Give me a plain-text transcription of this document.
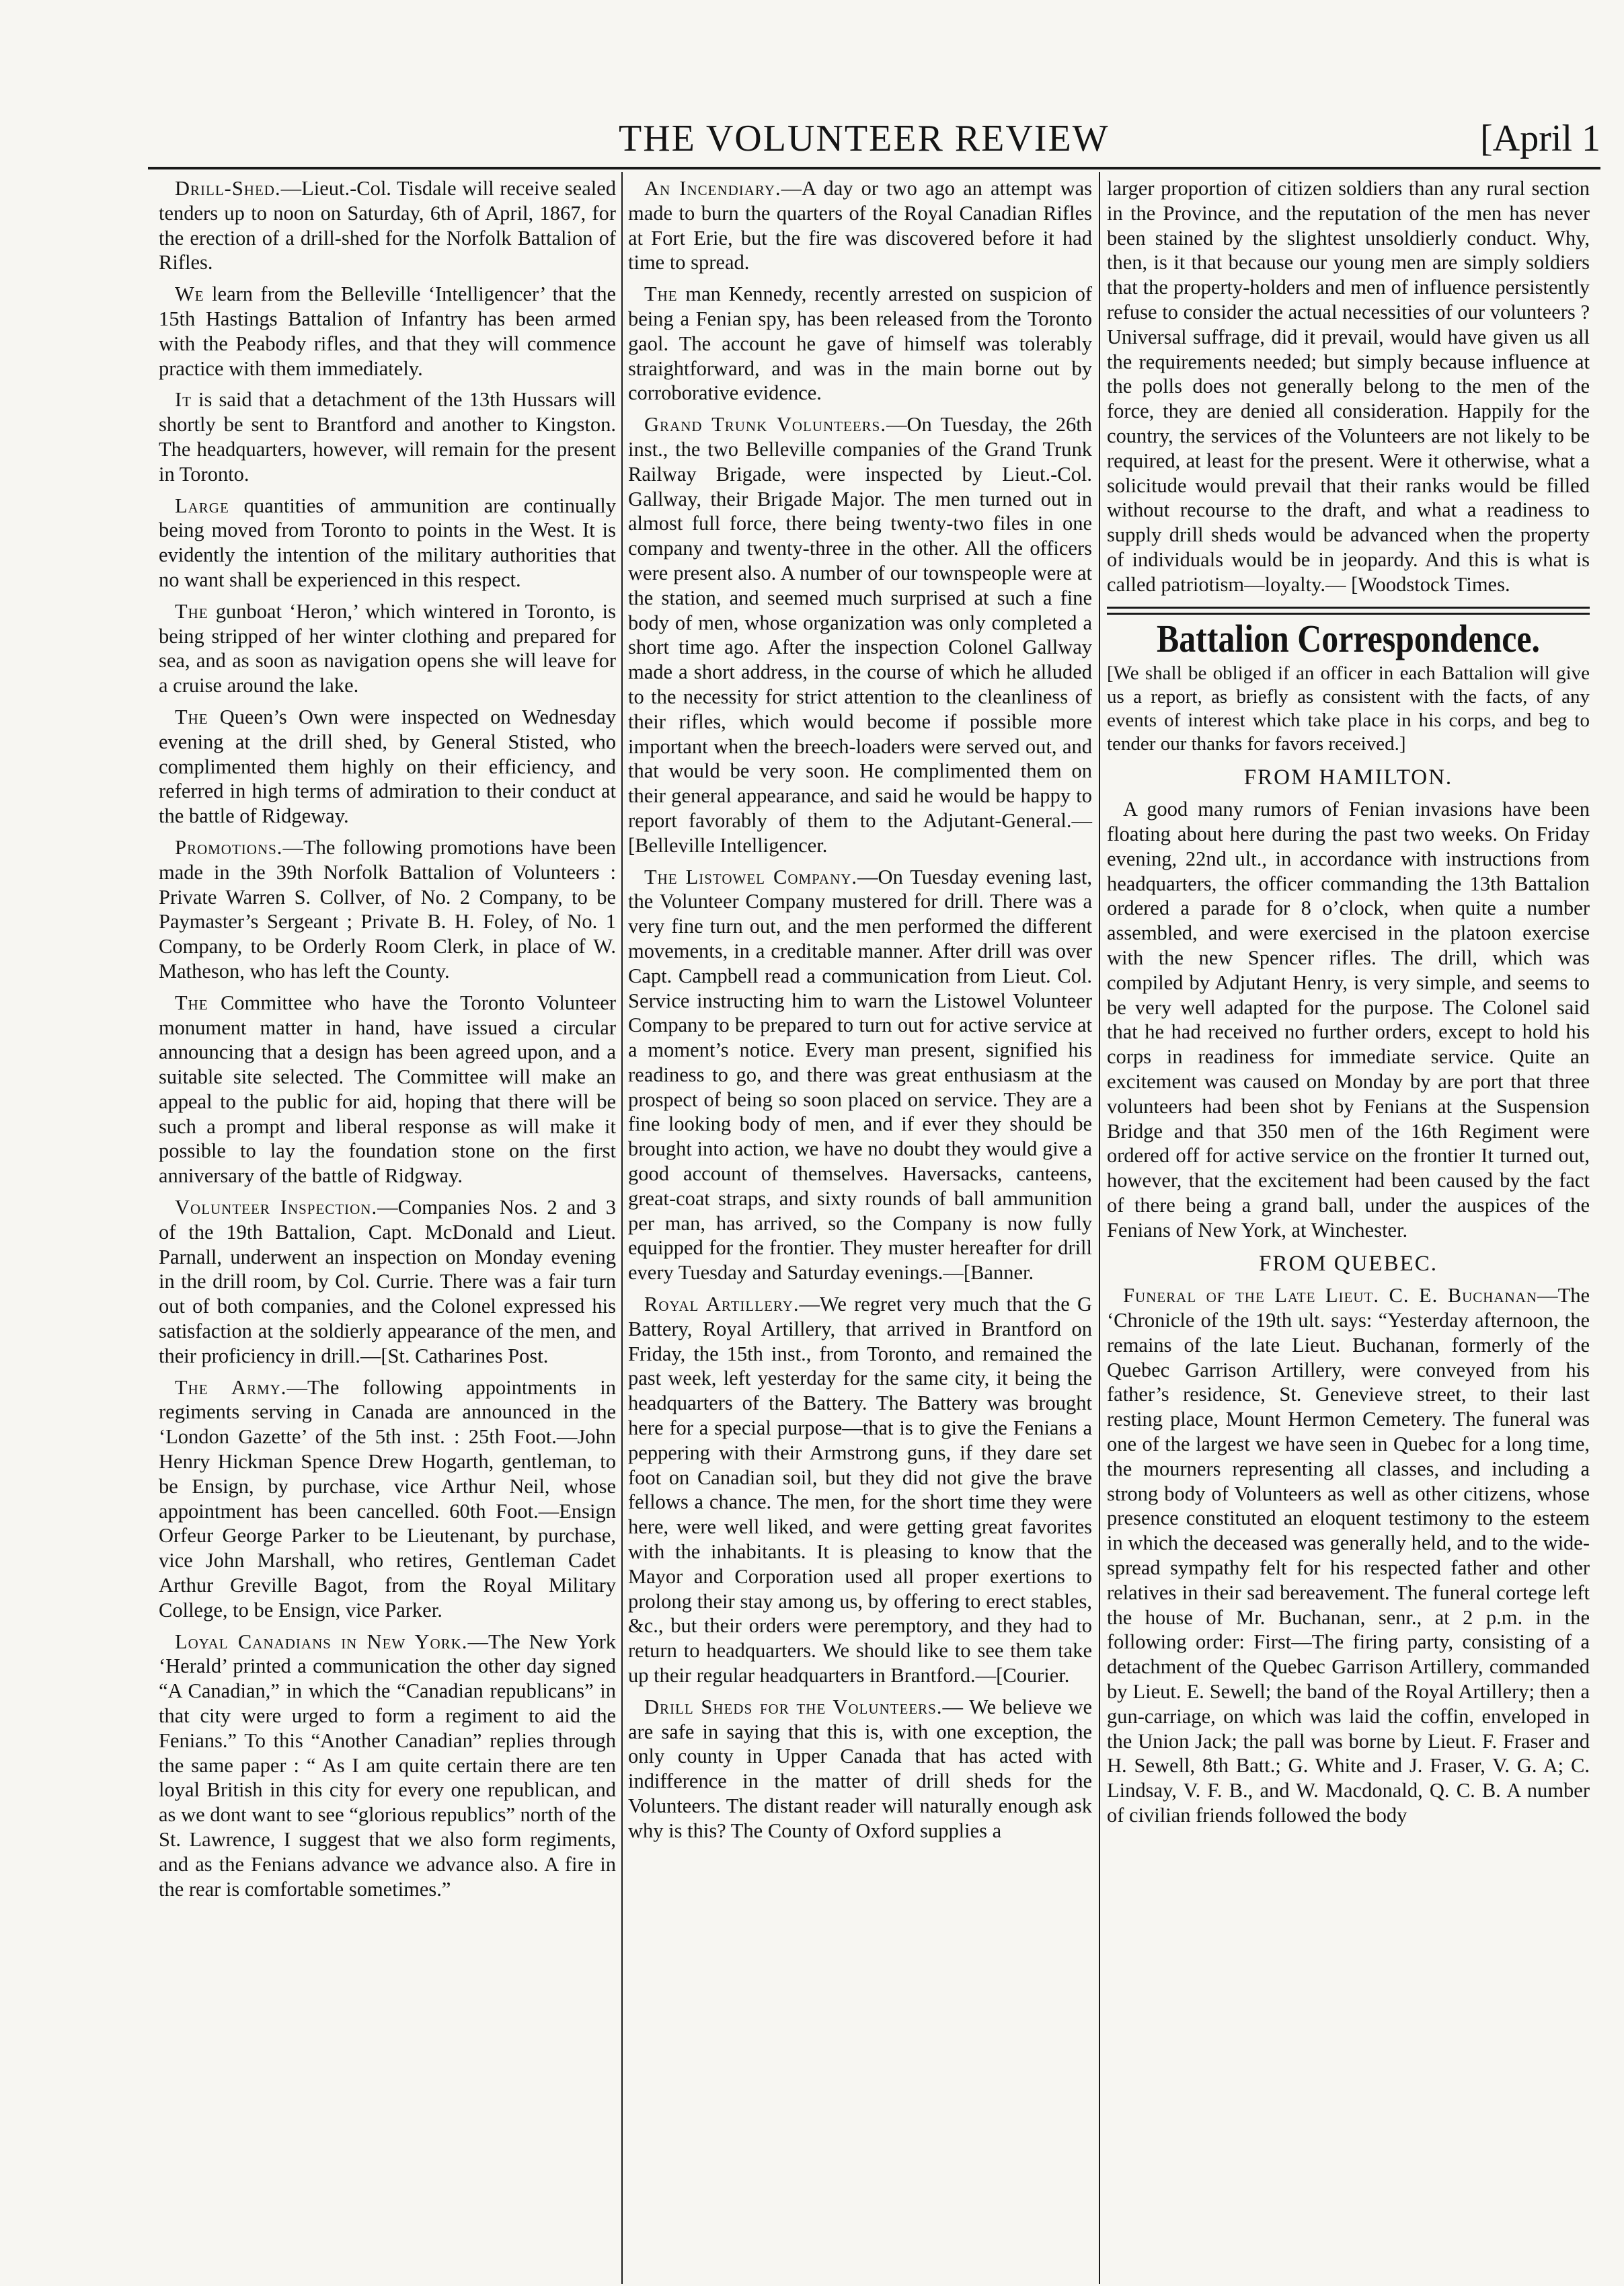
THE VOLUNTEER REVIEW	[April 1

Drill-Shed.—Lieut.-Col. Tisdale will receive sealed tenders up to noon on Saturday, 6th of April, 1867, for the erection of a drill-shed for the Norfolk Battalion of Rifles.

We learn from the Belleville ‘Intelligencer’ that the 15th Hastings Battalion of Infantry has been armed with the Peabody rifles, and that they will commence practice with them immediately.

It is said that a detachment of the 13th Hussars will shortly be sent to Brantford and another to Kingston. The headquarters, however, will remain for the present in Toronto.

Large quantities of ammunition are continually being moved from Toronto to points in the West. It is evidently the intention of the military authorities that no want shall be experienced in this respect.

The gunboat ‘Heron,’ which wintered in Toronto, is being stripped of her winter clothing and prepared for sea, and as soon as navigation opens she will leave for a cruise around the lake.

The Queen’s Own were inspected on Wednesday evening at the drill shed, by General Stisted, who complimented them highly on their efficiency, and referred in high terms of admiration to their conduct at the battle of Ridgeway.

Promotions.—The following promotions have been made in the 39th Norfolk Battalion of Volunteers : Private Warren S. Collver, of No. 2 Company, to be Paymaster’s Sergeant ; Private B. H. Foley, of No. 1 Company, to be Orderly Room Clerk, in place of W. Matheson, who has left the County.

The Committee who have the Toronto Volunteer monument matter in hand, have issued a circular announcing that a design has been agreed upon, and a suitable site selected. The Committee will make an appeal to the public for aid, hoping that there will be such a prompt and liberal response as will make it possible to lay the foundation stone on the first anniversary of the battle of Ridgway.

Volunteer Inspection.—Companies Nos. 2 and 3 of the 19th Battalion, Capt. McDonald and Lieut. Parnall, underwent an inspection on Monday evening in the drill room, by Col. Currie. There was a fair turn out of both companies, and the Colonel expressed his satisfaction at the soldierly appearance of the men, and their proficiency in drill.—[St. Catharines Post.

The Army.—The following appointments in regiments serving in Canada are announced in the ‘London Gazette’ of the 5th inst. : 25th Foot.—John Henry Hickman Spence Drew Hogarth, gentleman, to be Ensign, by purchase, vice Arthur Neil, whose appointment has been cancelled. 60th Foot.—Ensign Orfeur George Parker to be Lieutenant, by purchase, vice John Marshall, who retires, Gentleman Cadet Arthur Greville Bagot, from the Royal Military College, to be Ensign, vice Parker.

Loyal Canadians in New York.—The New York ‘Herald’ printed a communication the other day signed “A Canadian,” in which the “Canadian republicans” in that city were urged to form a regiment to aid the Fenians.” To this “Another Canadian” replies through the same paper : “ As I am quite certain there are ten loyal British in this city for every one republican, and as we dont want to see “glorious republics” north of the St. Lawrence, I suggest that we also form regiments, and as the Fenians advance we advance also. A fire in the rear is comfortable sometimes.”

An Incendiary.—A day or two ago an attempt was made to burn the quarters of the Royal Canadian Rifles at Fort Erie, but the fire was discovered before it had time to spread.

The man Kennedy, recently arrested on suspicion of being a Fenian spy, has been released from the Toronto gaol. The account he gave of himself was tolerably straightforward, and was in the main borne out by corroborative evidence.

Grand Trunk Volunteers.—On Tuesday, the 26th inst., the two Belleville companies of the Grand Trunk Railway Brigade, were inspected by Lieut.-Col. Gallway, their Brigade Major. The men turned out in almost full force, there being twenty-two files in one company and twenty-three in the other. All the officers were present also. A number of our townspeople were at the station, and seemed much surprised at such a fine body of men, whose organization was only completed a short time ago. After the inspection Colonel Gallway made a short address, in the course of which he alluded to the necessity for strict attention to the cleanliness of their rifles, which would become if possible more important when the breech-loaders were served out, and that would be very soon. He complimented them on their general appearance, and said he would be happy to report favorably of them to the Adjutant-General.—[Belleville Intelligencer.

The Listowel Company.—On Tuesday evening last, the Volunteer Company mustered for drill. There was a very fine turn out, and the men performed the different movements, in a creditable manner. After drill was over Capt. Campbell read a communication from Lieut. Col. Service instructing him to warn the Listowel Volunteer Company to be prepared to turn out for active service at a moment’s notice. Every man present, signified his readiness to go, and there was great enthusiasm at the prospect of being so soon placed on service. They are a fine looking body of men, and if ever they should be brought into action, we have no doubt they would give a good account of themselves. Haversacks, canteens, great-coat straps, and sixty rounds of ball ammunition per man, has arrived, so the Company is now fully equipped for the frontier. They muster hereafter for drill every Tuesday and Saturday evenings.—[Banner.

Royal Artillery.—We regret very much that the G Battery, Royal Artillery, that arrived in Brantford on Friday, the 15th inst., from Toronto, and remained the past week, left yesterday for the same city, it being the headquarters of the Battery. The Battery was brought here for a special purpose—that is to give the Fenians a peppering with their Armstrong guns, if they dare set foot on Canadian soil, but they did not give the brave fellows a chance. The men, for the short time they were here, were well liked, and were getting great favorites with the inhabitants. It is pleasing to know that the Mayor and Corporation used all proper exertions to prolong their stay among us, by offering to erect stables, &c., but their orders were peremptory, and they had to return to headquarters. We should like to see them take up their regular headquarters in Brantford.—[Courier.

Drill Sheds for the Volunteers.— We believe we are safe in saying that this is, with one exception, the only county in Upper Canada that has acted with indifference in the matter of drill sheds for the Volunteers. The distant reader will naturally enough ask why is this? The County of Oxford supplies a

larger proportion of citizen soldiers than any rural section in the Province, and the reputation of the men has never been stained by the slightest unsoldierly conduct. Why, then, is it that because our young men are simply soldiers that the property-holders and men of influence persistently refuse to consider the actual necessities of our volunteers ? Universal suffrage, did it prevail, would have given us all the requirements needed; but simply because influence at the polls does not generally belong to the men of the force, they are denied all consideration. Happily for the country, the services of the Volunteers are not likely to be required, at least for the present. Were it otherwise, what a solicitude would prevail that their ranks would be filled without recourse to the draft, and what a readiness to supply drill sheds would be advanced when the property of individuals would be in jeopardy. And this is what is called patriotism—loyalty.— [Woodstock Times.

Battalion Correspondence.

[We shall be obliged if an officer in each Battalion will give us a report, as briefly as consistent with the facts, of any events of interest which take place in his corps, and beg to tender our thanks for favors received.]

FROM HAMILTON.

A good many rumors of Fenian invasions have been floating about here during the past two weeks. On Friday evening, 22nd ult., in accordance with instructions from headquarters, the officer commanding the 13th Battalion ordered a parade for 8 o’clock, when quite a number assembled, and were exercised in the platoon exercise with the new Spencer rifles. The drill, which was compiled by Adjutant Henry, is very simple, and seems to be very well adapted for the purpose. The Colonel said that he had received no further orders, except to hold his corps in readiness for immediate service. Quite an excitement was caused on Monday by are port that three volunteers had been shot by Fenians at the Suspension Bridge and that 350 men of the 16th Regiment were ordered off for active service on the frontier It turned out, however, that the excitement had been caused by the fact of there being a grand ball, under the auspices of the Fenians of New York, at Winchester.

FROM QUEBEC.

Funeral of the Late Lieut. C. E. Buchanan—The ‘Chronicle of the 19th ult. says: “Yesterday afternoon, the remains of the late Lieut. Buchanan, formerly of the Quebec Garrison Artillery, were conveyed from his father’s residence, St. Genevieve street, to their last resting place, Mount Hermon Cemetery. The funeral was one of the largest we have seen in Quebec for a long time, the mourners representing all classes, and including a strong body of Volunteers as well as other citizens, whose presence constituted an eloquent testimony to the esteem in which the deceased was generally held, and to the wide-spread sympathy felt for his respected father and other relatives in their sad bereavement. The funeral cortege left the house of Mr. Buchanan, senr., at 2 p.m. in the following order: First—The firing party, consisting of a detachment of the Quebec Garrison Artillery, commanded by Lieut. E. Sewell; the band of the Royal Artillery; then a gun-carriage, on which was laid the coffin, enveloped in the Union Jack; the pall was borne by Lieut. F. Fraser and H. Sewell, 8th Batt.; G. White and J. Fraser, V. G. A; C. Lindsay, V. F. B., and W. Macdonald, Q. C. B. A number of civilian friends followed the body
